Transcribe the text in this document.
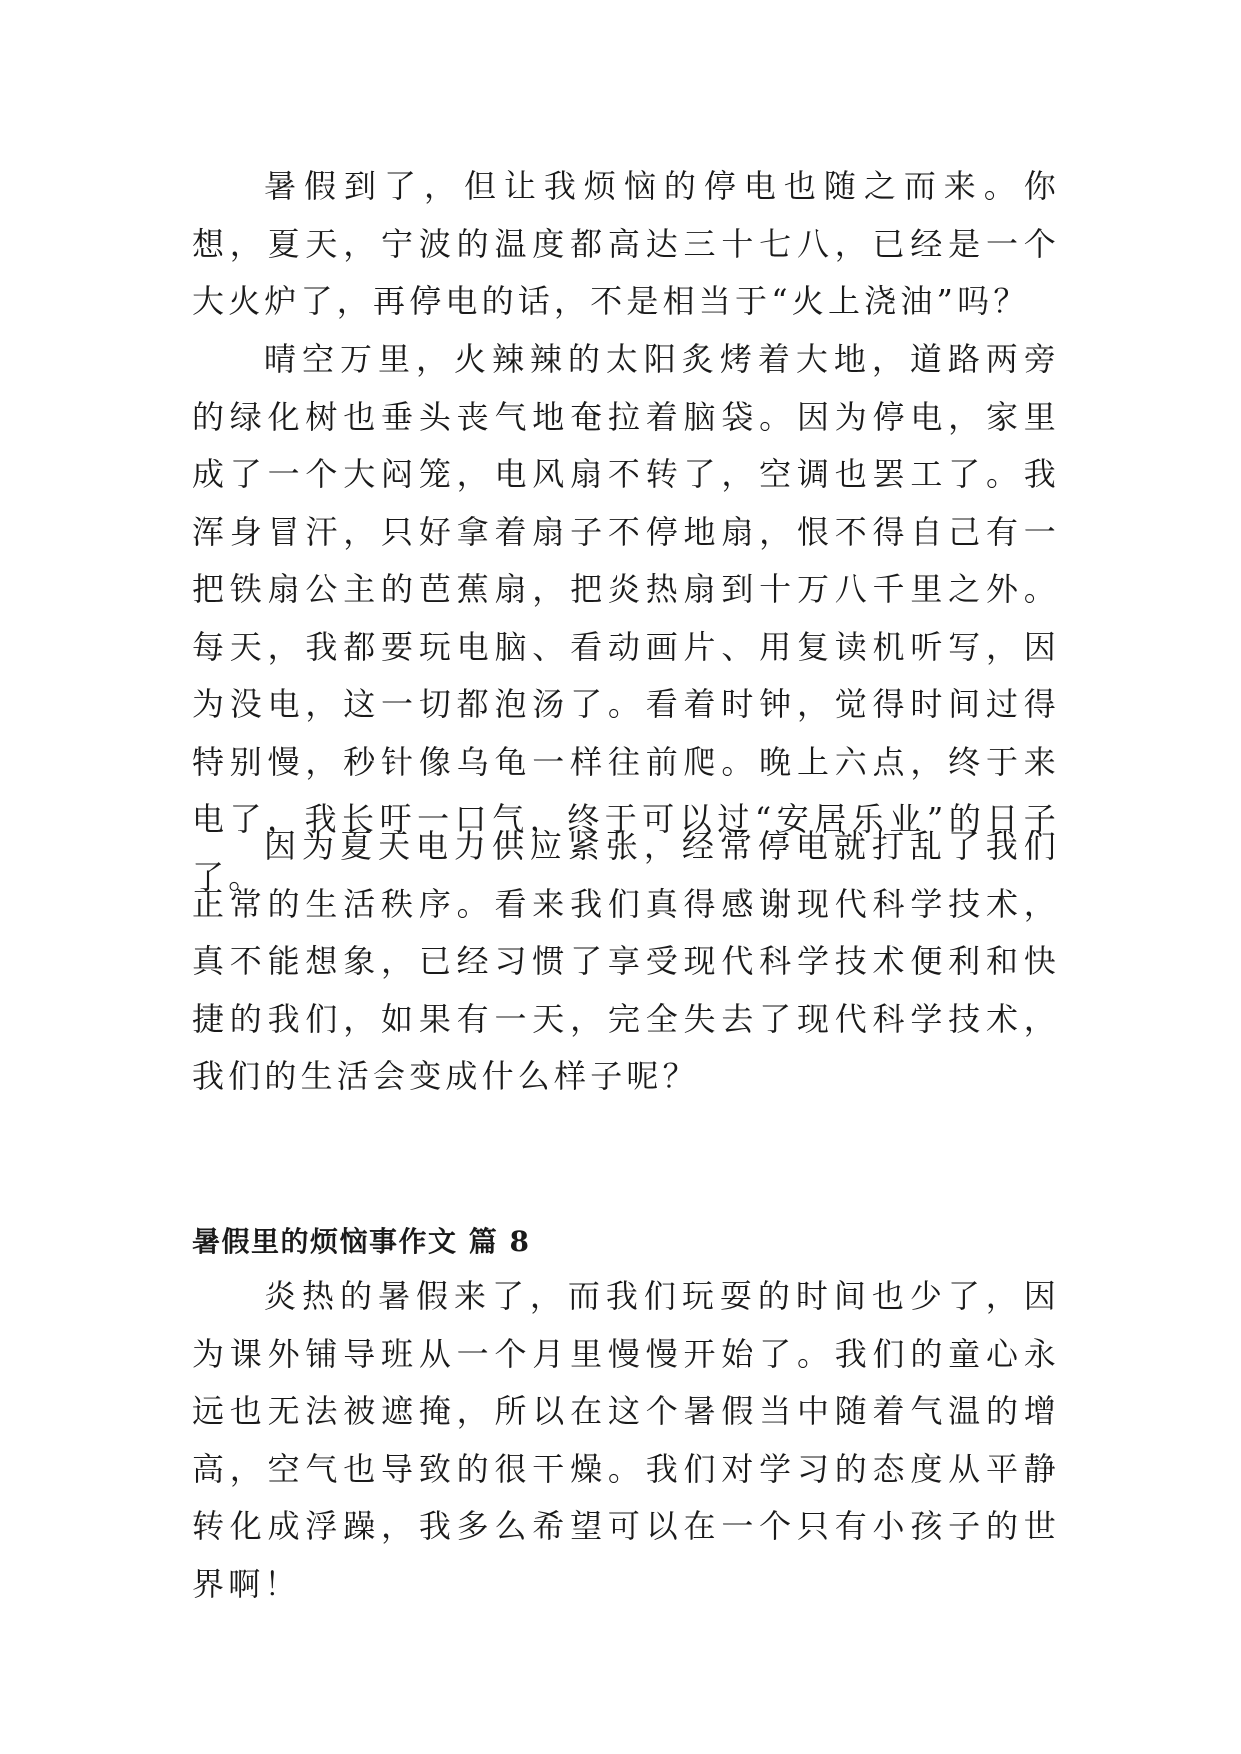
暑假到了，但让我烦恼的停电也随之而来。你想，夏天，宁波的温度都高达三十七八，已经是一个大火炉了，再停电的话，不是相当于“火上浇油”吗？

晴空万里，火辣辣的太阳炙烤着大地，道路两旁的绿化树也垂头丧气地奄拉着脑袋。因为停电，家里成了一个大闷笼，电风扇不转了，空调也罢工了。我浑身冒汗，只好拿着扇子不停地扇，恨不得自己有一把铁扇公主的芭蕉扇，把炎热扇到十万八千里之外。每天，我都要玩电脑、看动画片、用复读机听写，因为没电，这一切都泡汤了。看着时钟，觉得时间过得特别慢，秒针像乌龟一样往前爬。晚上六点，终于来电了，我长吁一口气，终于可以过“安居乐业”的日子了。

因为夏天电力供应紧张，经常停电就打乱了我们正常的生活秩序。看来我们真得感谢现代科学技术，真不能想象，已经习惯了享受现代科学技术便利和快捷的我们，如果有一天，完全失去了现代科学技术，我们的生活会变成什么样子呢？

暑假里的烦恼事作文 篇 8

炎热的暑假来了，而我们玩耍的时间也少了，因为课外铺导班从一个月里慢慢开始了。我们的童心永远也无法被遮掩，所以在这个暑假当中随着气温的增高，空气也导致的很干燥。我们对学习的态度从平静转化成浮躁，我多么希望可以在一个只有小孩子的世界啊！
